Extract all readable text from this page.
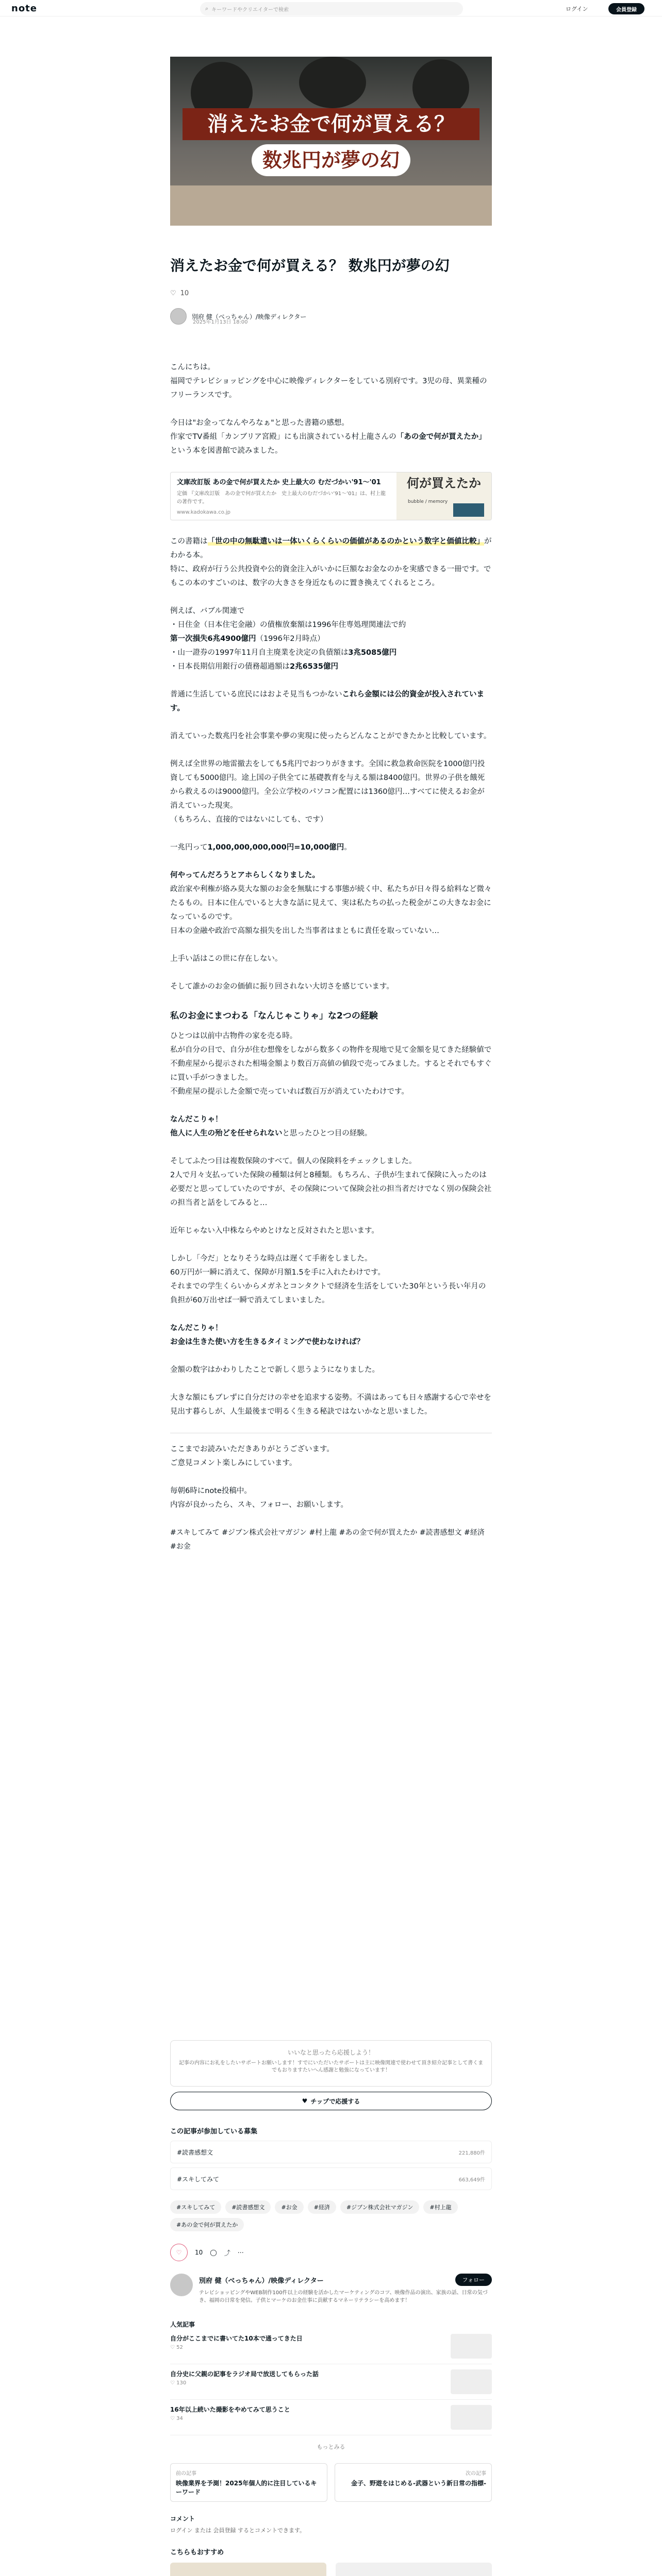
note	⌕ キーワードやクリエイターで検索	ログイン	会員登録
消えたお金で何が買える？
数兆円が夢の幻
消えたお金で何が買える？ 数兆円が夢の幻
♡ 10
別府 健（べっちゃん）/映像ディレクター
2025年1月13日 18:00

こんにちは。
福岡でテレビショッピングを中心に映像ディレクターをしている別府です。3児の母、異業種のフリーランスです。

今日は"お金ってなんやろなぁ"と思った書籍の感想。
作家でTV番組「カンブリア宮殿」にも出演されている村上龍さんの「あの金で何が買えたか」という本を図書館で読みました。

文庫改訂版 あの金で何が買えたか 史上最大の むだづかい'91～'01
定価 『文庫改訂版　あの金で何が買えたか　史上最大のむだづかい’91〜’01』は、村上龍の著作です。
www.kadokawa.co.jp
何が買えたか
bubble / memory

この書籍は「世の中の無駄遣いは一体いくらくらいの価値があるのかという数字と価値比較」がわかる本。
特に、政府が行う公共投資や公的資金注入がいかに巨額なお金なのかを実感できる一冊です。でもこの本のすごいのは、数字の大きさを身近なものに置き換えてくれるところ。

例えば、バブル関連で
・日住金（日本住宅金融）の債権放棄額は1996年住専処理関連法で約
第一次損失6兆4900億円（1996年2月時点）
・山一證券の1997年11月自主廃業を決定の負債額は3兆5085億円
・日本長期信用銀行の債務超過額は2兆6535億円

普通に生活している庶民にはおよそ見当もつかないこれら金額には公的資金が投入されています。

消えていった数兆円を社会事業や夢の実現に使ったらどんなことができたかと比較しています。

例えば全世界の地雷撤去をしても5兆円でおつりがきます。全国に救急救命医院を1000億円投資しても5000億円。途上国の子供全てに基礎教育を与える額は8400億円。世界の子供を餓死から救えるのは9000億円。全公立学校のパソコン配置には1360億円…すべてに使えるお金が消えていった現実。
（もちろん、直接的ではないにしても、です）

一兆円って1,000,000,000,000円=10,000億円。

何やってんだろうとアホらしくなりました。
政治家や利権が絡み莫大な額のお金を無駄にする事態が続く中、私たちが日々得る給料など微々たるもの。日本に住んでいると大きな話に見えて、実は私たちの払った税金がこの大きなお金になっているのです。
日本の金融や政治で高額な損失を出した当事者はまともに責任を取っていない…

上手い話はこの世に存在しない。

そして誰かのお金の価値に振り回されない大切さを感じています。

私のお金にまつわる「なんじゃこりゃ」な2つの経験

ひとつは以前中古物件の家を売る時。
私が自分の目で、自分が住む想像をしながら数多くの物件を現地で見て金額を見てきた経験値で不動産屋から提示された相場金額より数百万高値の値段で売ってみました。するとそれでもすぐに買い手がつきました。
不動産屋の提示した金額で売っていれば数百万が消えていたわけです。

なんだこりゃ！
他人に人生の殆どを任せられないと思ったひとつ目の経験。

そしてふたつ目は複数保険のすべて。個人の保険料をチェックしました。
2人で月々支払っていた保険の種類は何と8種類。もちろん、子供が生まれて保険に入ったのは必要だと思ってしていたのですが、その保険について保険会社の担当者だけでなく別の保険会社の担当者と話をしてみると…

近年じゃない入中株ならやめとけなと反対されたと思います。

しかし「今だ」となりそうな時点は遅くて手術をしました。
60万円が一瞬に消えて、保障が月額1.5を手に入れたわけです。
それまでの学生くらいからメガネとコンタクトで経済を生活をしていた30年という長い年月の負担が60万出せば一瞬で消えてしまいました。

なんだこりゃ！
お金は生きた使い方を生きるタイミングで使わなければ？

金額の数字はかわりしたことで新しく思うようになりました。

大きな額にもブレずに自分だけの幸せを追求する姿勢。不満はあっても日々感謝する心で幸せを見出す暮らしが、人生最後まで明るく生きる秘訣ではないかなと思いました。

ここまでお読みいただきありがとうございます。
ご意見コメント楽しみにしています。

毎朝6時にnote投稿中。
内容が良かったら、スキ、フォロー、お願いします。

#スキしてみて #ジブン株式会社マガジン #村上龍 #あの金で何が買えたか #読書感想文 #経済 #お金

いいなと思ったら応援しよう！
記事の内容にお礼をしたいサポートお願いします！すでにいただいたサポートは主に映像関連で使わせて頂き紹介記事として書くまでもおりますたいへん感謝と勉強になっています！
♥ チップで応援する
この記事が参加している募集
#読書感想文	221,880件
#スキしてみて	663,649件
#スキしてみて	#読書感想文	#お金	#経済	#ジブン株式会社マガジン	#村上龍
#あの金で何が買えたか
♡	10 ◯ ⤴ ⋯
別府 健（べっちゃん）/映像ディレクター	フォロー
テレビショッピングやWEB制作100件以上の経験を活かしたマーケティングのコツ、映像作品の演出、家族の話、日常の気づき、福岡の日常を発信。子供とマーケのお金仕事に貢献するマネーリテラシーを高めます！
人気記事
自分がここまでに書いてた10本で通ってきた日
♡ 52
自分史に父親の記事をラジオ局で放送してもらった話
♡ 130
16年以上続いた撮影をやめてみて思うこと
♡ 34
もっとみる
前の記事
映像業界を予測！2025年個人的に注目しているキーワード
次の記事
金子、野遊をはじめる-武器という新日常の指標-
コメント
ログイン または 会員登録 するとコメントできます。
こちらもおすすめ
